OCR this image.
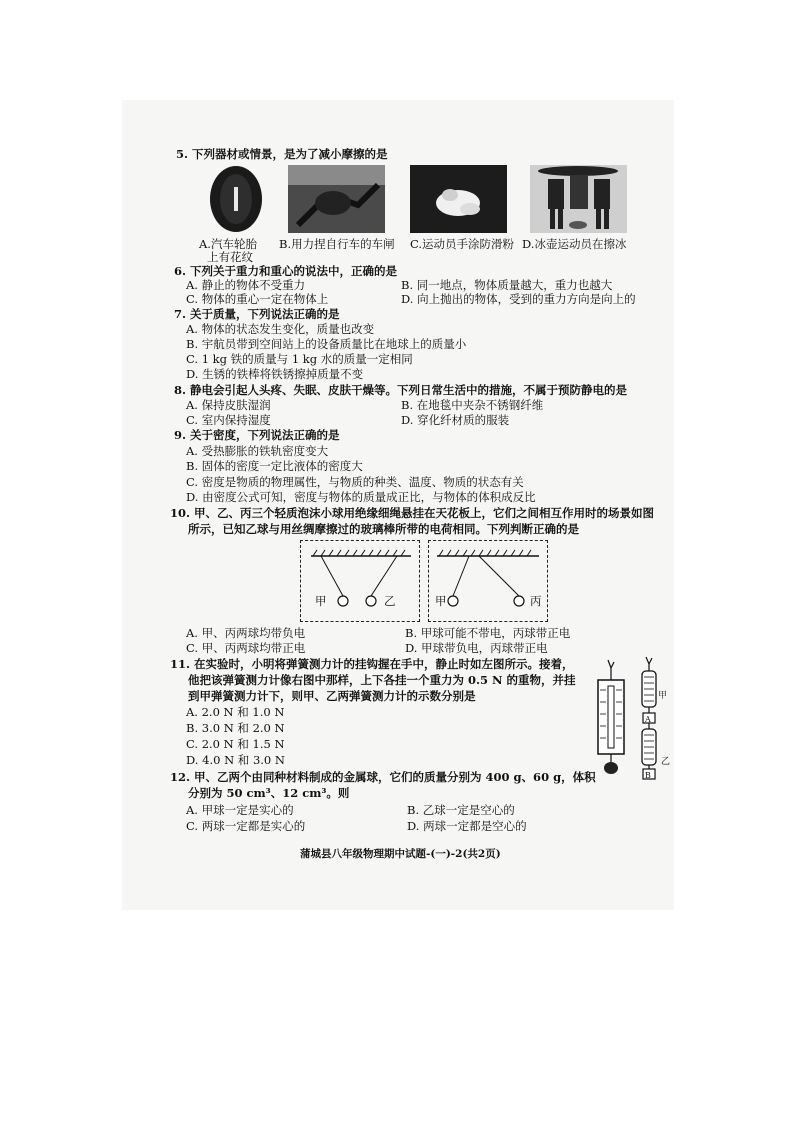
5. 下列器材或情景，是为了减小摩擦的是
A.汽车轮胎
上有花纹
B.用力捏自行车的车闸 C.运动员手涂防滑粉 D.冰壶运动员在擦冰
6. 下列关于重力和重心的说法中，正确的是
A. 静止的物体不受重力	B. 同一地点，物体质量越大，重力也越大
C. 物体的重心一定在物体上	D. 向上抛出的物体，受到的重力方向是向上的
7. 关于质量，下列说法正确的是
A. 物体的状态发生变化，质量也改变
B. 宇航员带到空间站上的设备质量比在地球上的质量小
C. 1 kg 铁的质量与 1 kg 水的质量一定相同
D. 生锈的铁棒将铁锈擦掉质量不变
8. 静电会引起人头疼、失眠、皮肤干燥等。下列日常生活中的措施，不属于预防静电的是
A. 保持皮肤湿润	B. 在地毯中夹杂不锈钢纤维
C. 室内保持湿度	D. 穿化纤材质的服装
9. 关于密度，下列说法正确的是
A. 受热膨胀的铁轨密度变大
B. 固体的密度一定比液体的密度大
C. 密度是物质的物理属性，与物质的种类、温度、物质的状态有关
D. 由密度公式可知，密度与物体的质量成正比，与物体的体积成反比
10. 甲、乙、丙三个轻质泡沫小球用绝缘细绳悬挂在天花板上，它们之间相互作用时的场景如图
所示，已知乙球与用丝绸摩擦过的玻璃棒所带的电荷相同。下列判断正确的是
甲	乙	甲	丙
A. 甲、丙两球均带负电	B. 甲球可能不带电，丙球带正电
C. 甲、丙两球均带正电	D. 甲球带负电，丙球带正电
11. 在实验时，小明将弹簧测力计的挂钩握在手中，静止时如左图所示。接着，
他把该弹簧测力计像右图中那样，上下各挂一个重力为 0.5 N 的重物，并挂
到甲弹簧测力计下，则甲、乙两弹簧测力计的示数分别是
A. 2.0 N 和 1.0 N
B. 3.0 N 和 2.0 N
C. 2.0 N 和 1.5 N
D. 4.0 N 和 3.0 N
甲
A
乙
B
12. 甲、乙两个由同种材料制成的金属球，它们的质量分别为 400 g、60 g，体积
分别为 50 cm³、12 cm³。则
A. 甲球一定是实心的	B. 乙球一定是空心的
C. 两球一定都是实心的	D. 两球一定都是空心的
蒲城县八年级物理期中试题-(一)-2(共2页)
